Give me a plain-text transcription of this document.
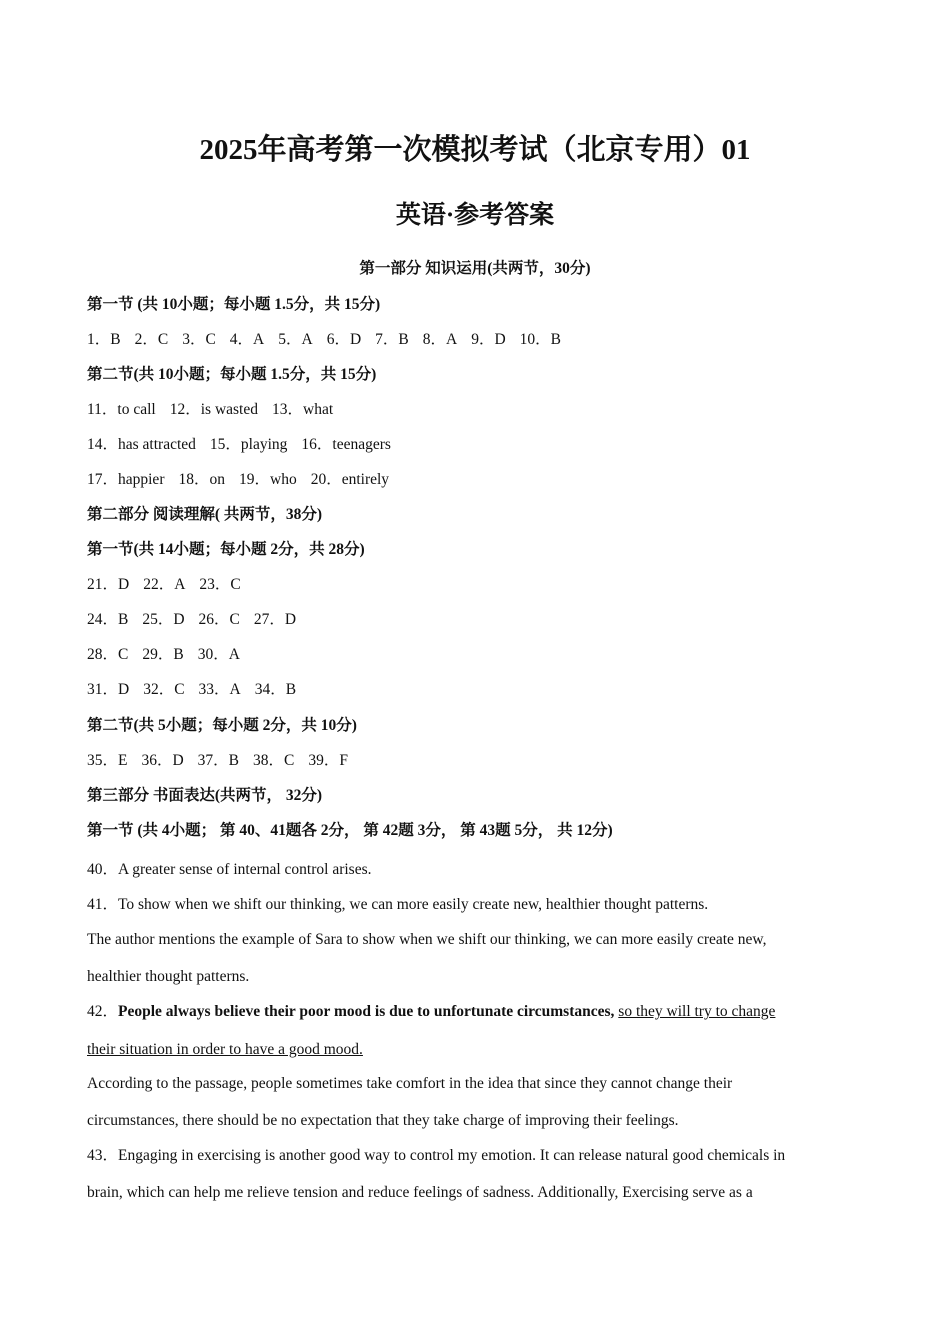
2025年高考第一次模拟考试（北京专用）01
英语·参考答案
第一部分 知识运用(共两节，30分)
第一节 (共 10小题；每小题 1.5分，共 15分)
1．B 2．C 3．C 4．A 5．A 6．D 7．B 8．A 9．D 10．B
第二节(共 10小题；每小题 1.5分，共 15分)
11．to call 12．is wasted 13．what
14．has attracted 15．playing 16．teenagers
17．happier 18．on 19．who 20．entirely
第二部分 阅读理解( 共两节，38分)
第一节(共 14小题；每小题 2分，共 28分)
21．D 22．A 23．C
24．B 25．D 26．C 27．D
28．C 29．B 30．A
31．D 32．C 33．A 34．B
第二节(共 5小题；每小题 2分，共 10分)
35．E 36．D 37．B 38．C 39．F
第三部分 书面表达(共两节， 32分)
第一节 (共 4小题； 第 40、41题各 2分， 第 42题 3分， 第 43题 5分， 共 12分)
40．A greater sense of internal control arises.
41．To show when we shift our thinking, we can more easily create new, healthier thought patterns.
The author mentions the example of Sara to show when we shift our thinking, we can more easily create new,
healthier thought patterns.
42．People always believe their poor mood is due to unfortunate circumstances, so they will try to change
their situation in order to have a good mood.
According to the passage, people sometimes take comfort in the idea that since they cannot change their
circumstances, there should be no expectation that they take charge of improving their feelings.
43．Engaging in exercising is another good way to control my emotion. It can release natural good chemicals in
brain, which can help me relieve tension and reduce feelings of sadness. Additionally, Exercising serve as a
